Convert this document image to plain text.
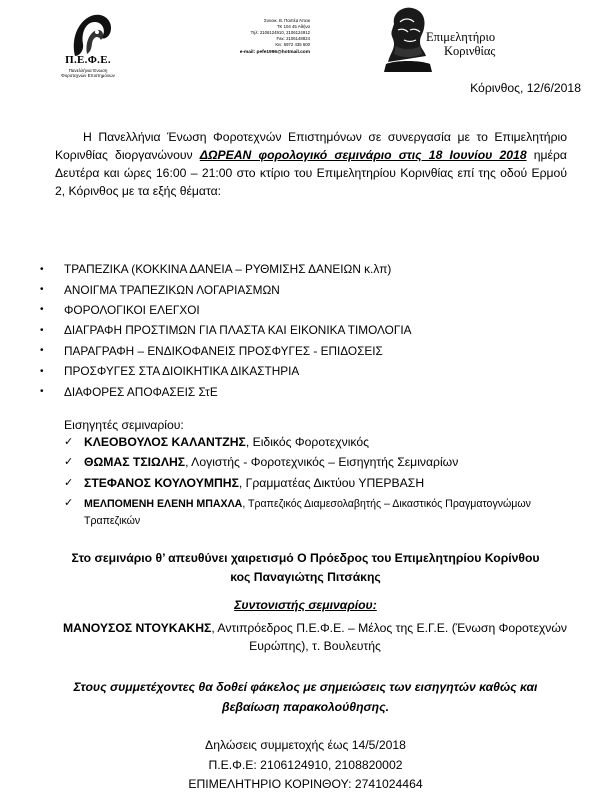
Π.Ε.Φ.Ε.
Πανελλήνια Ένωση
Φοροτεχνών Επιστημόνων
Συνοικ. Β. Παιπέα Άπεικ
ΤΚ 104 45 Αθήνα
Τηλ: 2106124910, 2106124912
Fax: 2106148824
Κιν: 6972 435 600
e-mail: pefe1996@hotmail.com
Επιμελητήριο
Κορινθίας
Κόρινθος, 12/6/2018
Η Πανελλήνια Ένωση Φοροτεχνών Επιστημόνων σε συνεργασία με το Επιμελητήριο Κορινθίας διοργανώνουν ΔΩΡΕΑΝ φορολογικό σεμινάριο στις 18 Ιουνίου 2018 ημέρα Δευτέρα και ώρες 16:00 – 21:00 στο κτίριο του Επιμελητηρίου Κορινθίας επί της οδού Ερμού 2, Κόρινθος με τα εξής θέματα:
•
ΤΡΑΠΕΖΙΚΑ (ΚΟΚΚΙΝΑ ΔΑΝΕΙΑ – ΡΥΘΜΙΣΗΣ ΔΑΝΕΙΩΝ κ.λπ)
•
ΑΝΟΙΓΜΑ ΤΡΑΠΕΖΙΚΩΝ ΛΟΓΑΡΙΑΣΜΩΝ
•
ΦΟΡΟΛΟΓΙΚΟΙ ΕΛΕΓΧΟΙ
•
ΔΙΑΓΡΑΦΗ ΠΡΟΣΤΙΜΩΝ ΓΙΑ ΠΛΑΣΤΑ ΚΑΙ ΕΙΚΟΝΙΚΑ ΤΙΜΟΛΟΓΙΑ
•
ΠΑΡΑΓΡΑΦΗ – ΕΝΔΙΚΟΦΑΝΕΙΣ ΠΡΟΣΦΥΓΕΣ - ΕΠΙΔΟΣΕΙΣ
•
ΠΡΟΣΦΥΓΕΣ ΣΤΑ ΔΙΟΙΚΗΤΙΚΑ ΔΙΚΑΣΤΗΡΙΑ
•
ΔΙΑΦΟΡΕΣ ΑΠΟΦΑΣΕΙΣ ΣτΕ
Εισηγητές σεμιναρίου:
✓
ΚΛΕΟΒΟΥΛΟΣ ΚΑΛΑΝΤΖΗΣ, Ειδικός Φοροτεχνικός
✓
ΘΩΜΑΣ ΤΣΙΩΛΗΣ, Λογιστής - Φοροτεχνικός – Εισηγητής Σεμιναρίων
✓
ΣΤΕΦΑΝΟΣ ΚΟΥΛΟΥΜΠΗΣ, Γραμματέας Δικτύου ΥΠΕΡΒΑΣΗ
✓
ΜΕΛΠΟΜΕΝΗ ΕΛΕΝΗ ΜΠΑΧΛΑ, Τραπεζικός Διαμεσολαβητής – Δικαστικός Πραγματογνώμων Τραπεζικών
Στο σεμινάριο θ’ απευθύνει χαιρετισμό Ο Πρόεδρος του Επιμελητηρίου Κορίνθου
κος Παναγιώτης Πιτσάκης
Συντονιστής σεμιναρίου:
ΜΑΝΟΥΣΟΣ ΝΤΟΥΚΑΚΗΣ, Αντιπρόεδρος Π.Ε.Φ.Ε. – Μέλος της Ε.Γ.Ε. (Ένωση Φοροτεχνών Ευρώπης), τ. Βουλευτής
Στους συμμετέχοντες θα δοθεί φάκελος με σημειώσεις των εισηγητών καθώς και
βεβαίωση παρακολούθησης.
Δηλώσεις συμμετοχής έως 14/5/2018
Π.Ε.Φ.Ε: 2106124910, 2108820002
ΕΠΙΜΕΛΗΤΗΡΙΟ ΚΟΡΙΝΘΟΥ: 2741024464
